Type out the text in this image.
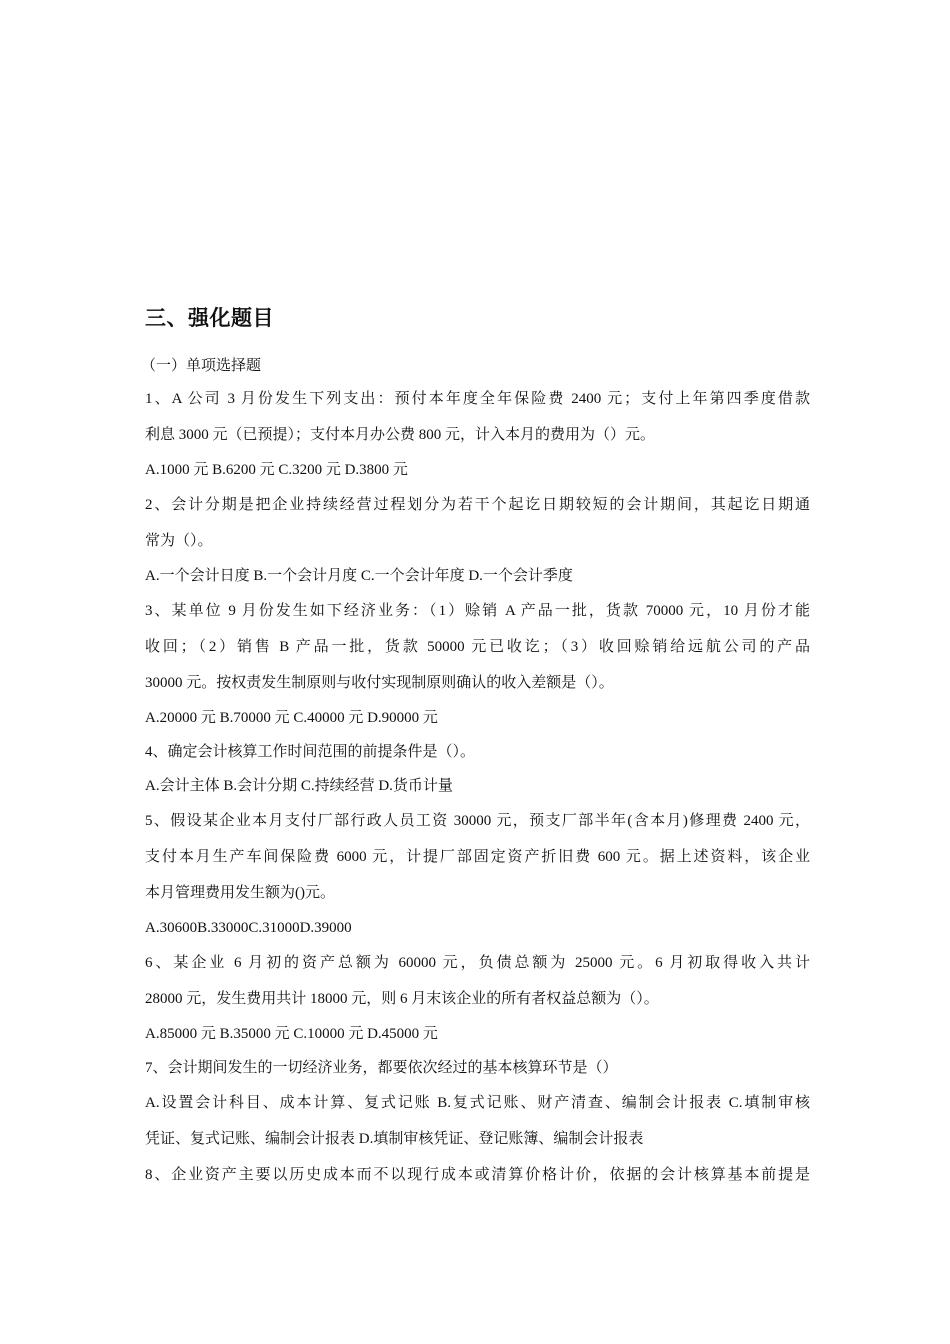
三、强化题目
（一）单项选择题
1、A 公司 3 月份发生下列支出：预付本年度全年保险费 2400 元；支付上年第四季度借款
利息 3000 元（已预提）；支付本月办公费 800 元，计入本月的费用为（）元。
A.1000 元 B.6200 元 C.3200 元 D.3800 元
2、会计分期是把企业持续经营过程划分为若干个起讫日期较短的会计期间，其起讫日期通
常为（）。
A.一个会计日度 B.一个会计月度 C.一个会计年度 D.一个会计季度
3、某单位 9 月份发生如下经济业务：（1）赊销 A 产品一批，货款 70000 元，10 月份才能
收回；（2）销售 B 产品一批，货款 50000 元已收讫；（3）收回赊销给远航公司的产品
30000 元。按权责发生制原则与收付实现制原则确认的收入差额是（）。
A.20000 元 B.70000 元 C.40000 元 D.90000 元
4、确定会计核算工作时间范围的前提条件是（）。
A.会计主体 B.会计分期 C.持续经营 D.货币计量
5、假设某企业本月支付厂部行政人员工资 30000 元，预支厂部半年(含本月)修理费 2400 元，
支付本月生产车间保险费 6000 元，计提厂部固定资产折旧费 600 元。据上述资料，该企业
本月管理费用发生额为()元。
A.30600B.33000C.31000D.39000
6、某企业 6 月初的资产总额为 60000 元，负债总额为 25000 元。6 月初取得收入共计
28000 元，发生费用共计 18000 元，则 6 月末该企业的所有者权益总额为（）。
A.85000 元 B.35000 元 C.10000 元 D.45000 元
7、会计期间发生的一切经济业务，都要依次经过的基本核算环节是（）
A.设置会计科目、成本计算、复式记账 B.复式记账、财产清查、编制会计报表 C.填制审核
凭证、复式记账、编制会计报表 D.填制审核凭证、登记账簿、编制会计报表
8、企业资产主要以历史成本而不以现行成本或清算价格计价，依据的会计核算基本前提是
